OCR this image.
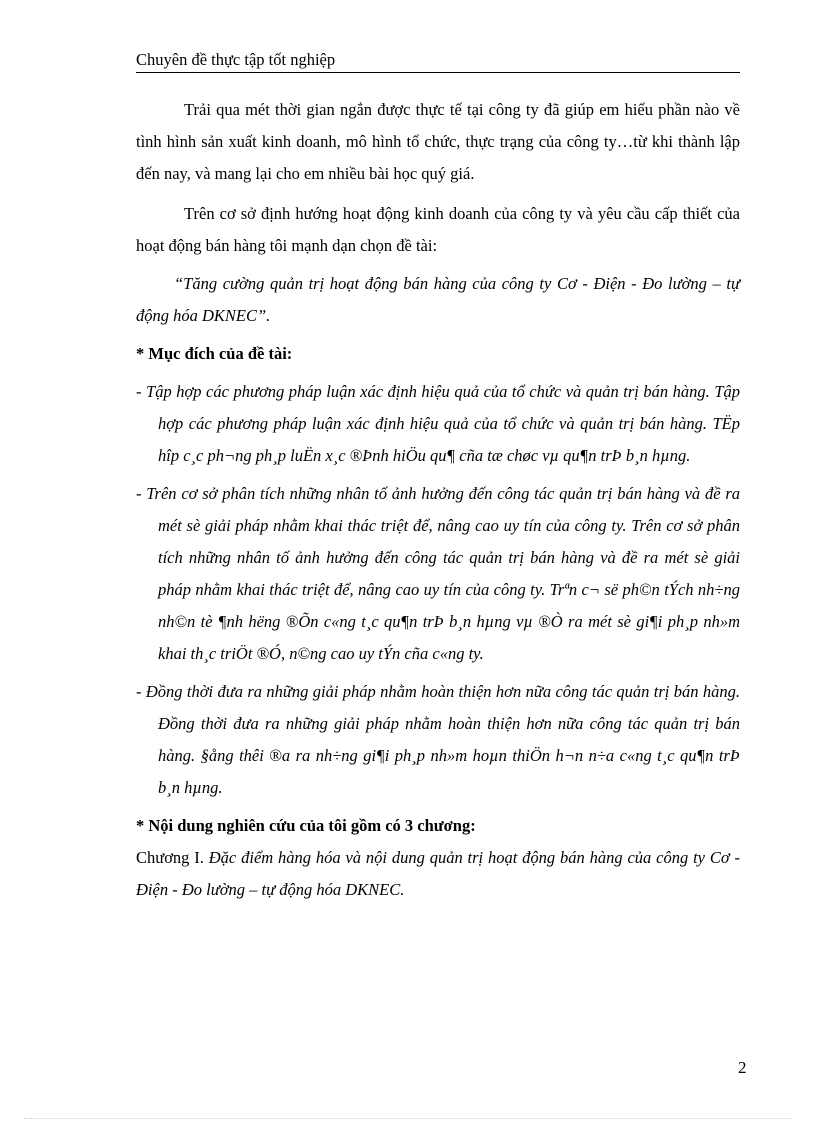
Chuyên đề thực tập tốt nghiệp

Trải qua mét thời gian ngắn được thực tế tại công ty đã giúp em hiểu phần nào về tình hình sản xuất kinh doanh, mô hình tổ chức, thực trạng của công ty…từ khi thành lập đến nay, và mang lại cho em nhiều bài học quý giá.

Trên cơ sở định hướng hoạt động kinh doanh của công ty và yêu cầu cấp thiết của hoạt động bán hàng tôi mạnh dạn chọn đề tài:

“Tăng cường quản trị hoạt động bán hàng của công ty Cơ - Điện - Đo lường – tự động hóa DKNEC”.

* Mục đích của đề tài:

- Tập hợp các phương pháp luận xác định hiệu quả của tổ chức và quản trị bán hàng. Tập hợp các phương pháp luận xác định hiệu quả của tổ chức và quản trị bán hàng. TËp hîp c¸c ph¬ng ph¸p luËn x¸c ®Þnh hiÖu qu¶ cña tæ chøc vµ qu¶n trÞ b¸n hµng.

- Trên cơ sở phân tích những nhân tố ảnh hưởng đến công tác quản trị bán hàng và đề ra mét sè giải pháp nhằm khai thác triệt để, nâng cao uy tín của công ty. Trên cơ sở phân tích những nhân tố ảnh hưởng đến công tác quản trị bán hàng và đề ra mét sè giải pháp nhằm khai thác triệt để, nâng cao uy tín của công ty. Trªn c¬ së ph©n tÝch nh÷ng nh©n tè ¶nh hëng ®Õn c«ng t¸c qu¶n trÞ b¸n hµng vµ ®Ò ra mét sè gi¶i ph¸p nh»m khai th¸c triÖt ®Ó, n©ng cao uy tÝn cña c«ng ty.

- Đồng thời đưa ra những giải pháp nhằm hoàn thiện hơn nữa công tác quản trị bán hàng. Đồng thời đưa ra những giải pháp nhằm hoàn thiện hơn nữa công tác quản trị bán hàng. §ång thêi ®a ra nh÷ng gi¶i ph¸p nh»m hoµn thiÖn h¬n n÷a c«ng t¸c qu¶n trÞ b¸n hµng.

* Nội dung nghiên cứu của tôi gồm có 3 chương:

Chương I. Đặc điểm hàng hóa và nội dung quản trị hoạt động bán hàng của công ty Cơ - Điện - Đo lường – tự động hóa DKNEC.

2
